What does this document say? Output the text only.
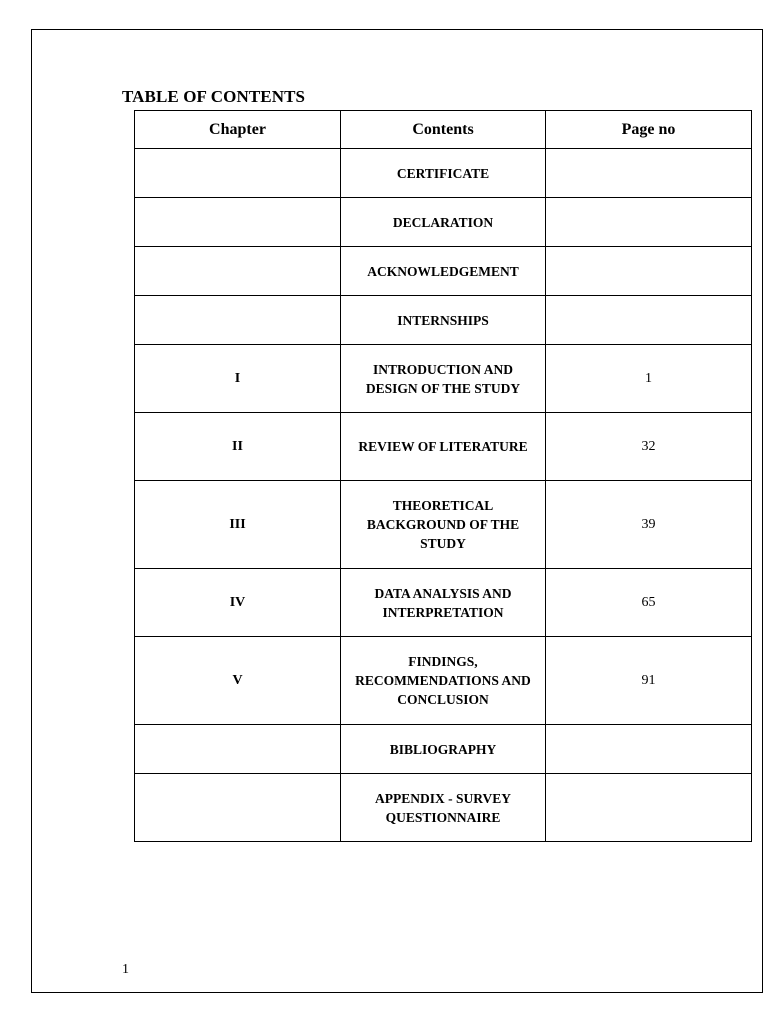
TABLE OF CONTENTS
Chapter	Contents	Page no
	CERTIFICATE	
	DECLARATION	
	ACKNOWLEDGEMENT	
	INTERNSHIPS	
I	INTRODUCTION AND DESIGN OF THE STUDY	1
II	REVIEW OF LITERATURE	32
III	THEORETICAL BACKGROUND OF THE STUDY	39
IV	DATA ANALYSIS AND INTERPRETATION	65
V	FINDINGS, RECOMMENDATIONS AND CONCLUSION	91
	BIBLIOGRAPHY	
	APPENDIX - SURVEY QUESTIONNAIRE	
1
